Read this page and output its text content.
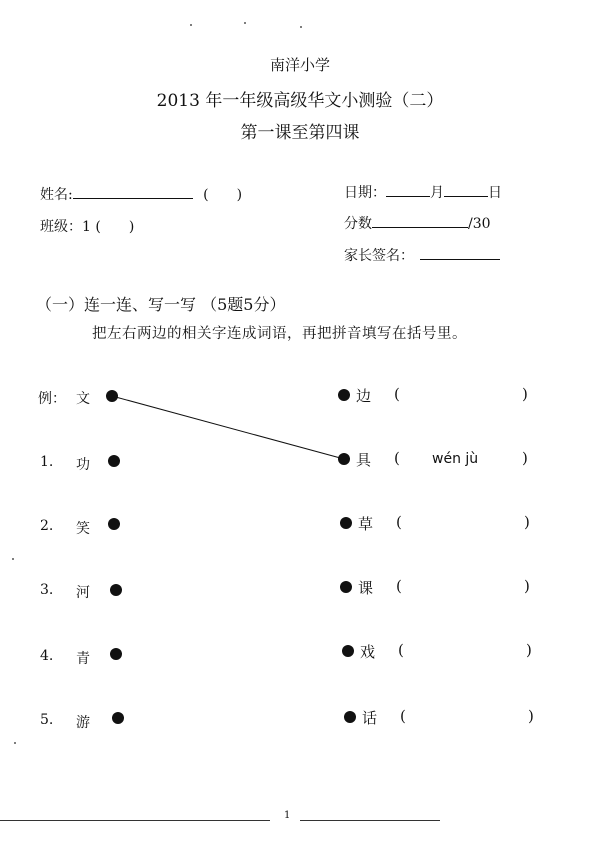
南洋小学
2013 年一年级高级华文小测验（二）
第一课至第四课
姓名:	(　　)
班级：1 (　　)
日期：	月	日
分数	/30
家长签名：
（一）连一连、写一写 （5题5分）
把左右两边的相关字连成词语，再把拼音填写在括号里。
例： 文
1. 功
2. 笑
3. 河
4. 青
5. 游
边 (	)
具 ( wén jù	)
草 (	)
课 (	)
戏 (	)
话 (	)
1
